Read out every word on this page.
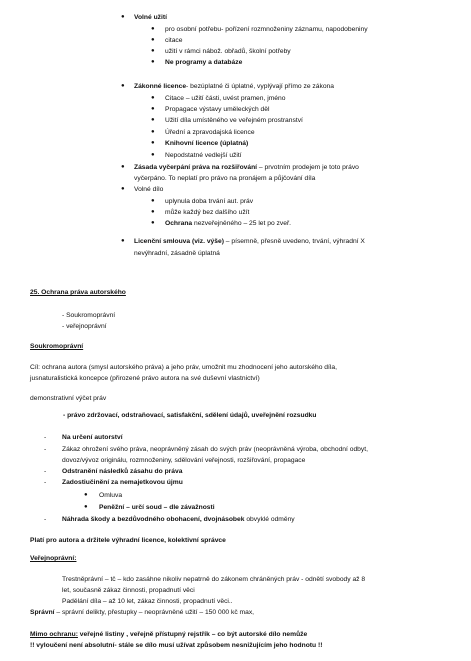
● Volné užití
● pro osobní potřebu- pořízení rozmnoženiny záznamu, napodobeniny
● citace
● užití v rámci nábož. obřadů, školní potřeby
● Ne programy a databáze
● Zákonné licence- bezúplatné či úplatné, vyplývají přímo ze zákona
● Citace – užití části, uvést pramen, jméno
● Propagace výstavy uměleckých děl
● Užití díla umístěného ve veřejném prostranství
● Úřední a zpravodajská licence
● Knihovní licence (úplatná)
● Nepodstatné vedlejší užití
● Zásada vyčerpání práva na rozšiřování – prvotním prodejem je toto právo
vyčerpáno. To neplatí pro právo na pronájem a půjčování díla
● Volné dílo
● uplynula doba trvání aut. práv
● může každý bez dalšího užít
● Ochrana nezveřejněného – 25 let po zveř.
● Licenční smlouva (viz. výše) – písemně, přesně uvedeno, trvání, výhradní X
nevýhradní, zásadně úplatná
25. Ochrana práva autorského
- Soukromoprávní
- veřejnoprávní
Soukromoprávní
Cíl: ochrana autora (smysl autorského práva) a jeho práv, umožnit mu zhodnocení jeho autorského díla,
jusnaturalistická koncepce (přirozené právo autora na své duševní vlastnictví)
demonstrativní výčet práv
- právo zdržovací, odstraňovací, satisfakční, sdělení údajů, uveřejnění rozsudku
- Na určení autorství
- Zákaz ohrožení svého práva, neoprávněný zásah do svých práv (neoprávněná výroba, obchodní odbyt,
dovoz/vývoz originálu, rozmnoženiny, sdělování veřejnosti, rozšiřování, propagace
- Odstranění následků zásahu do práva
- Zadostiučinění za nemajetkovou újmu
● Omluva
● Peněžní – určí soud – dle závažnosti
- Náhrada škody a bezdůvodného obohacení, dvojnásobek obvyklé odměny
Platí pro autora a držitele výhradní licence, kolektivní správce
Veřejnoprávní:
Trestněprávní – tč – kdo zasáhne nikoliv nepatrně do zákonem chráněných práv - odnětí svobody až 8
let, současně zákaz činnosti, propadnutí věci
Padělání díla – až 10 let, zákaz činnosti, propadnutí věci..
Správní – správní delikty, přestupky – neoprávněné užití – 150 000 kč max,
Mimo ochranu: veřejné listiny , veřejně přístupný rejstřík – co být autorské dílo nemůže
!! vyloučení není absolutní- stále se dílo musí užívat způsobem nesnižujícím jeho hodnotu !!
